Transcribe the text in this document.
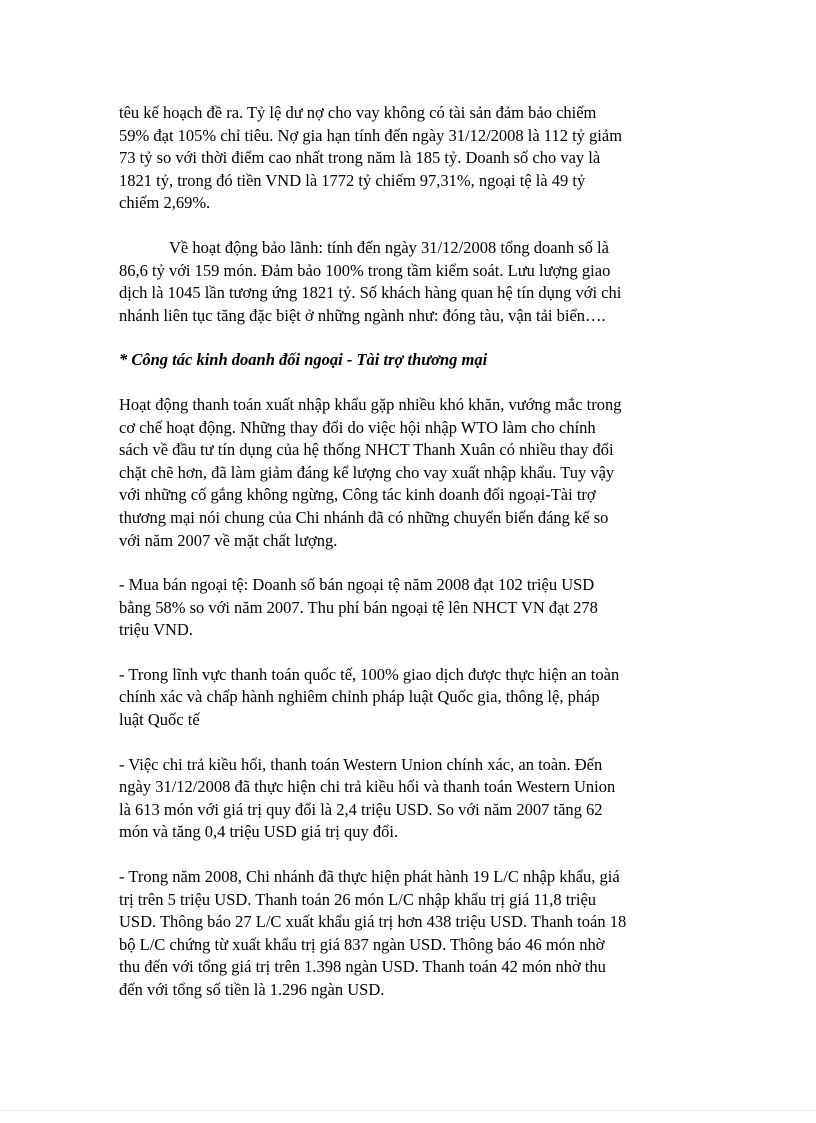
têu kế hoạch đề ra. Tỷ lệ dư nợ cho vay không có tài sản đảm bảo chiếm
59% đạt 105% chỉ tiêu. Nợ gia hạn tính đến ngày 31/12/2008 là 112 tỷ giảm
73 tỷ so với thời điểm cao nhất trong năm là 185 tỷ. Doanh số cho vay là
1821 tỷ, trong đó tiền VND là 1772 tỷ chiếm 97,31%, ngoại tệ là 49 tỷ
chiếm 2,69%.

Về hoạt động bảo lãnh: tính đến ngày 31/12/2008 tổng doanh số là
86,6 tỷ với 159 món. Đảm bảo 100% trong tầm kiểm soát. Lưu lượng giao
dịch là 1045 lần tương ứng 1821 tỷ. Số khách hàng quan hệ tín dụng với chi
nhánh liên tục tăng đặc biệt ở những ngành như: đóng tàu, vận tải biển….

* Công tác kinh doanh đối ngoại - Tài trợ thương mại

Hoạt động thanh toán xuất nhập khẩu gặp nhiều khó khăn, vướng mắc trong
cơ chế hoạt động. Những thay đổi do việc hội nhập WTO làm cho chính
sách về đầu tư tín dụng của hệ thống NHCT Thanh Xuân có nhiều thay đổi
chặt chẽ hơn, đã làm giảm đáng kể lượng cho vay xuất nhập khẩu. Tuy vậy
với những cố gắng không ngừng, Công tác kinh doanh đối ngoại-Tài trợ
thương mại nói chung của Chi nhánh đã có những chuyển biến đáng kể so
với năm 2007 về mặt chất lượng.

- Mua bán ngoại tệ: Doanh số bán ngoại tệ năm 2008 đạt 102 triệu USD
bằng 58% so với năm 2007. Thu phí bán ngoại tệ lên NHCT VN đạt 278
triệu VND.

- Trong lĩnh vực thanh toán quốc tế, 100% giao dịch được thực hiện an toàn
chính xác và chấp hành nghiêm chỉnh pháp luật Quốc gia, thông lệ, pháp
luật Quốc tế

- Việc chi trả kiều hối, thanh toán Western Union chính xác, an toàn. Đến
ngày 31/12/2008 đã thực hiện chi trả kiều hối và thanh toán Western Union
là 613 món với giá trị quy đổi là 2,4 triệu USD. So với năm 2007 tăng 62
món và tăng 0,4 triệu USD giá trị quy đổi.

- Trong năm 2008, Chi nhánh đã thực hiện phát hành 19 L/C nhập khẩu, giá
trị trên 5 triệu USD. Thanh toán 26 món L/C nhập khẩu trị giá 11,8 triệu
USD. Thông báo 27 L/C xuất khẩu giá trị hơn 438 triệu USD. Thanh toán 18
bộ L/C chứng từ xuất khẩu trị giá 837 ngàn USD. Thông báo 46 món nhờ
thu đến với tổng giá trị trên 1.398 ngàn USD. Thanh toán 42 món nhờ thu
đến với tổng số tiền là 1.296 ngàn USD.
